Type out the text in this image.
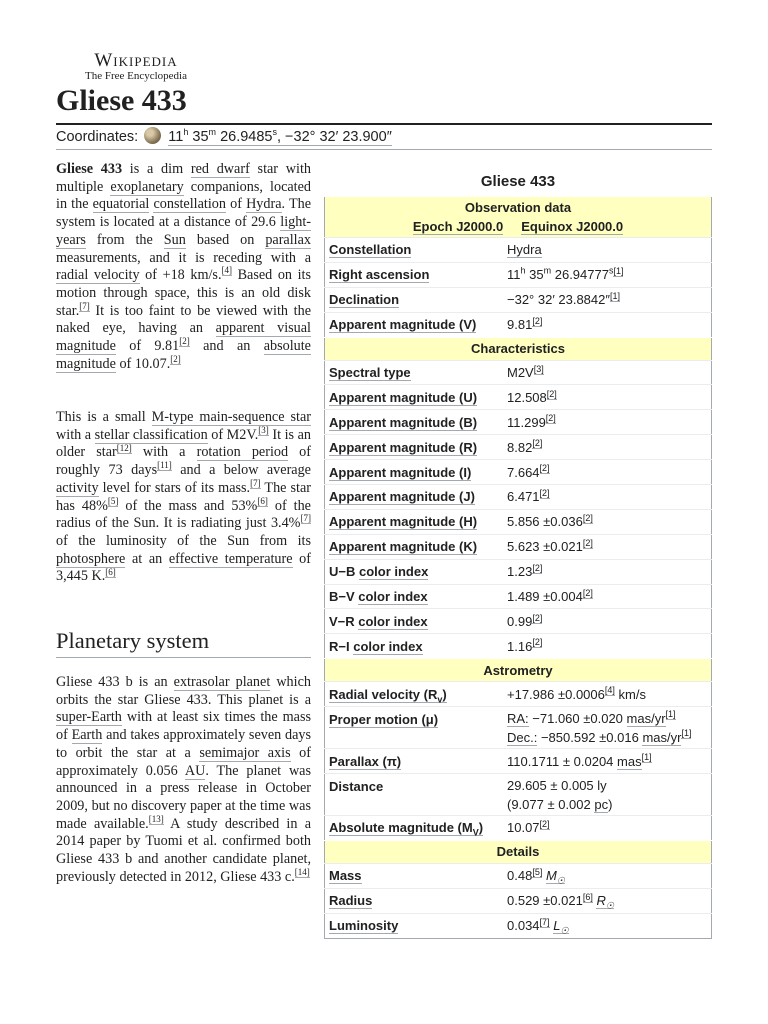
Wikipedia
The Free Encyclopedia
Gliese 433
Coordinates: 11$^h$ 35$^m$ $26.9485^s$, −32° 32′ 23.900″

Gliese 433 is a dim red dwarf star with multiple exoplanetary companions, located in the equatorial constellation of Hydra. The system is located at a distance of 29.6 light-years from the Sun based on parallax measurements, and it is receding with a radial velocity of +18 km/s.[4] Based on its motion through space, this is an old disk star.[7] It is too faint to be viewed with the naked eye, having an apparent visual magnitude of 9.81[2] and an absolute magnitude of 10.07.[2]

This is a small M-type main-sequence star with a stellar classification of M2V.[3] It is an older star[12] with a rotation period of roughly 73 days[11] and a below average activity level for stars of its mass.[7] The star has 48%[5] of the mass and 53%[6] of the radius of the Sun. It is radiating just 3.4%[7] of the luminosity of the Sun from its photosphere at an effective temperature of 3,445 K.[6]

Planetary system

Gliese 433 b is an extrasolar planet which orbits the star Gliese 433. This planet is a super-Earth with at least six times the mass of Earth and takes approximately seven days to orbit the star at a semimajor axis of approximately 0.056 AU. The planet was announced in a press release in October 2009, but no discovery paper at the time was made available.[13] A study described in a 2014 paper by Tuomi et al. confirmed both Gliese 433 b and another candidate planet, previously detected in 2012, Gliese 433 c.[14]

Gliese 433
Observation data
Epoch J2000.0 Equinox J2000.0	
Constellation	Hydra
Right ascension	11$^h$ 35$^m$ $26.94777^{s[1]}$
Declination	−32° 32′ 23.8842″[1]
Apparent magnitude (V)	9.81[2]
Characteristics	
Spectral type	M2V[3]
Apparent magnitude (U)	12.508[2]
Apparent magnitude (B)	11.299[2]
Apparent magnitude (R)	8.82[2]
Apparent magnitude (I)	7.664[2]
Apparent magnitude (J)	6.471[2]
Apparent magnitude (H)	5.856 ±0.036[2]
Apparent magnitude (K)	5.623 ±0.021[2]
U−B color index	1.23[2]
B−V color index	1.489 ±0.004[2]
V−R color index	0.99[2]
R−I color index	1.16[2]
Astrometry	
Radial velocity $(R_v)$	+17.986 ±0.0006[4] km/s
Proper motion (μ)	RA: −71.060 ±0.020 mas/yr[1]
Dec.: −850.592 ±0.016 mas/yr[1]
Parallax (π)	110.1711 ± 0.0204 mas[1]
Distance	29.605 ± 0.005 ly
(9.077 ± 0.002 pc)
Absolute magnitude $(M_V)$	10.07[2]
Details	
Mass	0.48[5] $M_☉$
Radius	0.529 ±0.021[6] $R_☉$
Luminosity	0.034[7] $L_☉$
